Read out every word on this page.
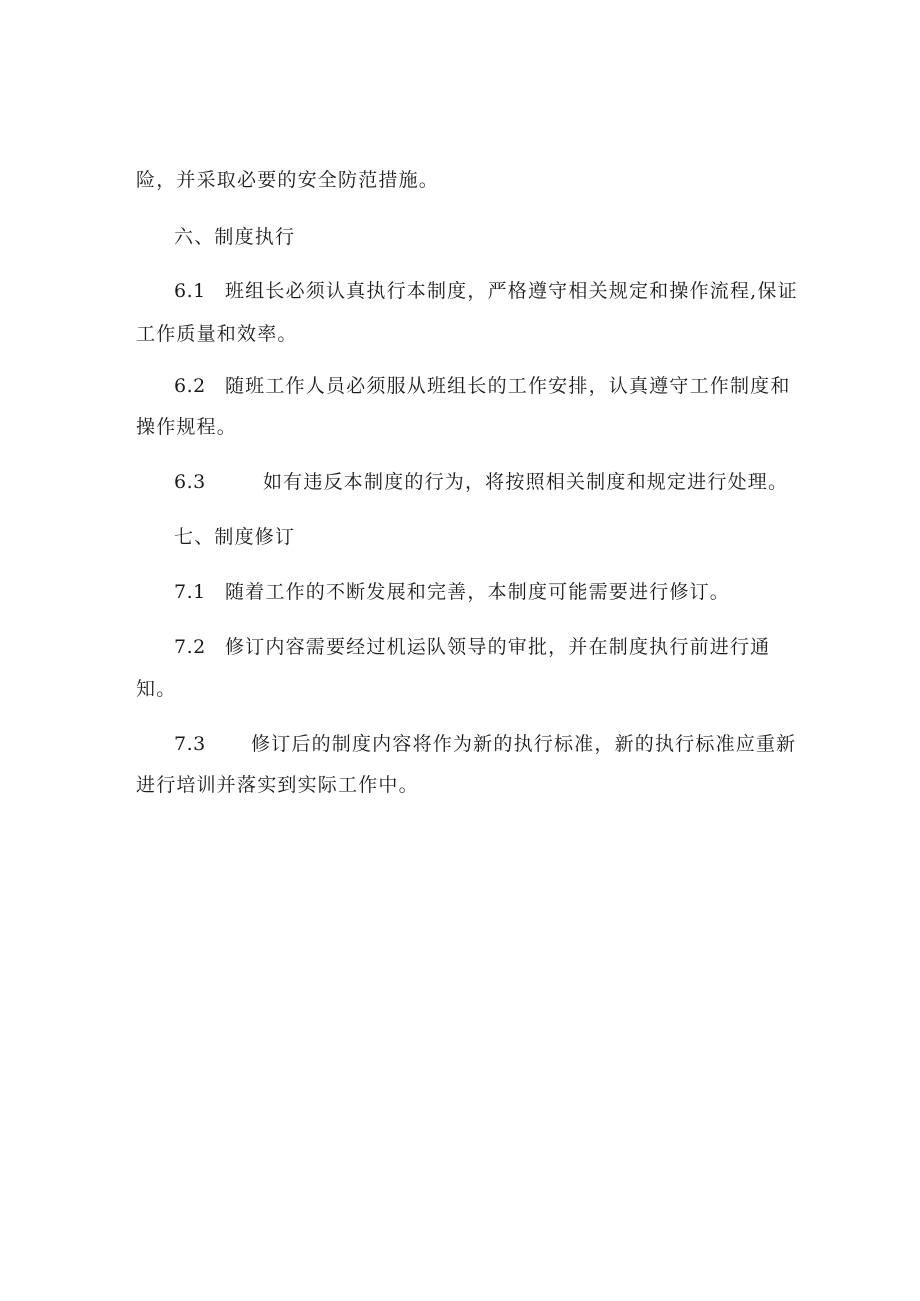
险，并采取必要的安全防范措施。
六、制度执行
6.1 班组长必须认真执行本制度，严格遵守相关规定和操作流程,保证
工作质量和效率。
6.2 随班工作人员必须服从班组长的工作安排，认真遵守工作制度和
操作规程。
6.3	如有违反本制度的行为，将按照相关制度和规定进行处理。
七、制度修订
7.1 随着工作的不断发展和完善，本制度可能需要进行修订。
7.2 修订内容需要经过机运队领导的审批，并在制度执行前进行通
知。
7.3 修订后的制度内容将作为新的执行标准，新的执行标准应重新
进行培训并落实到实际工作中。
